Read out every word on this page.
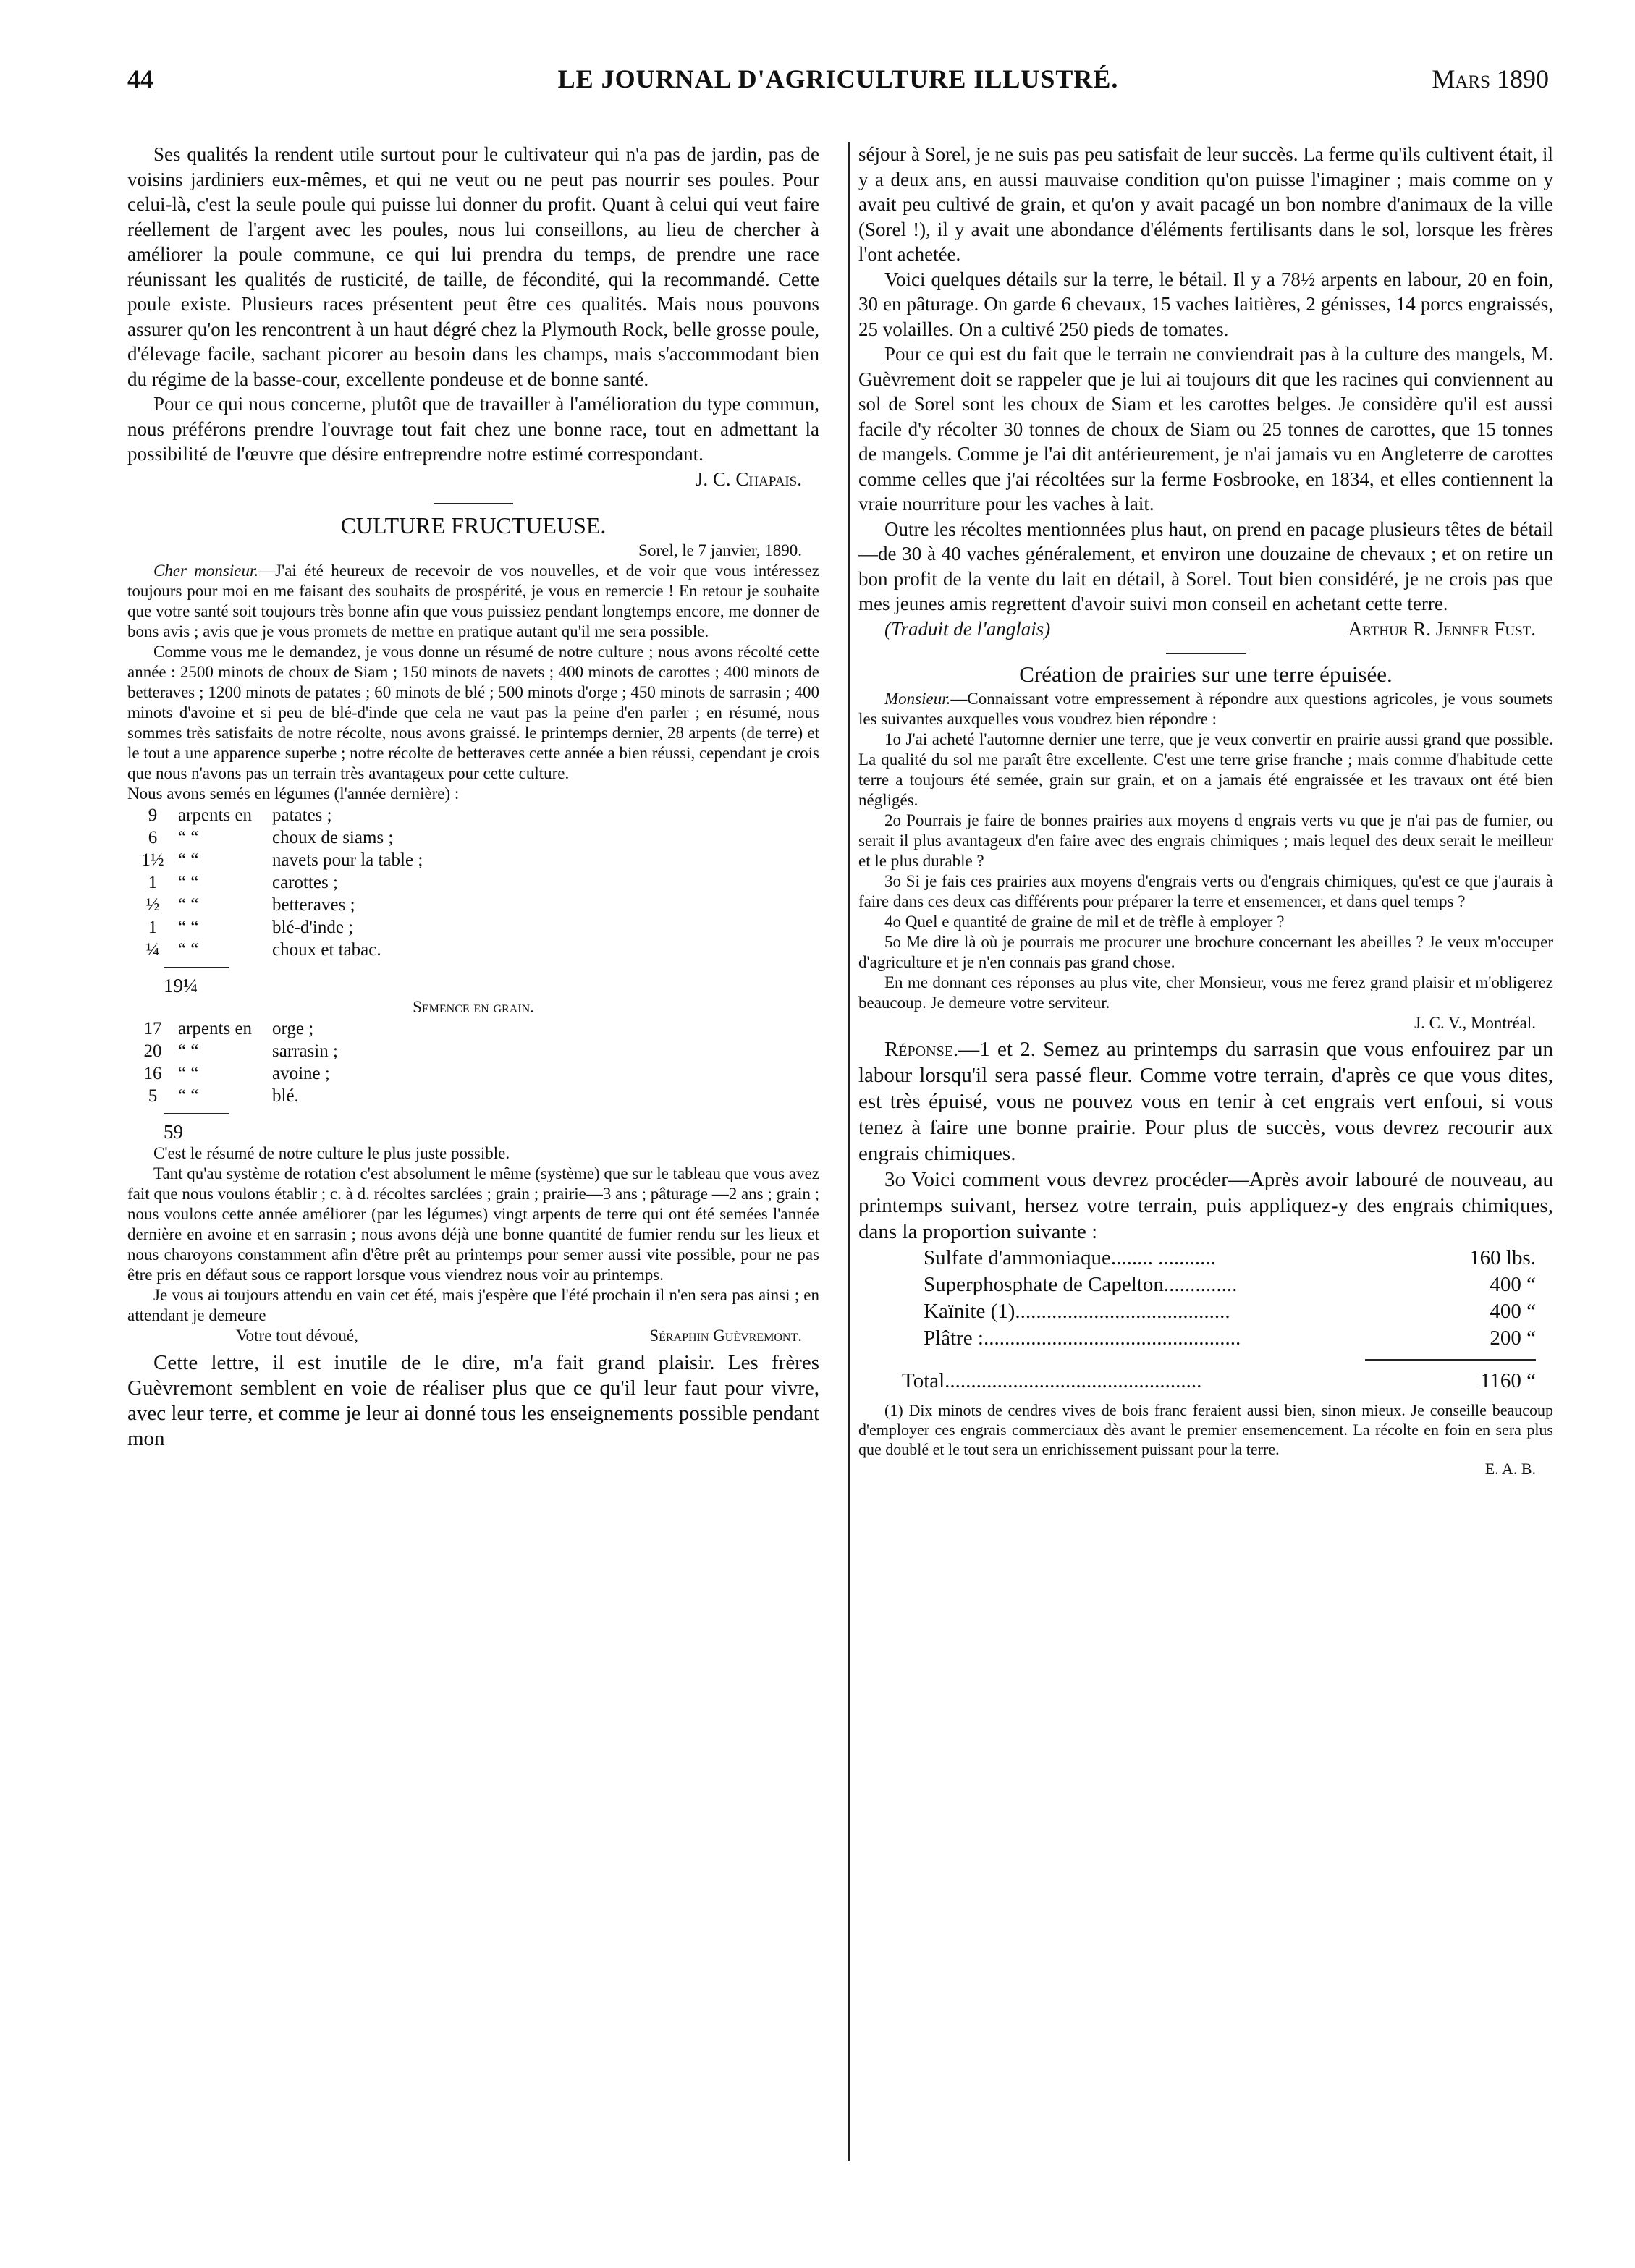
44	LE JOURNAL D'AGRICULTURE ILLUSTRÉ.	Mars 1890

Ses qualités la rendent utile surtout pour le cultivateur qui n'a pas de jardin, pas de voisins jardiniers eux-mêmes, et qui ne veut ou ne peut pas nourrir ses poules. Pour celui-là, c'est la seule poule qui puisse lui donner du profit. Quant à celui qui veut faire réellement de l'argent avec les poules, nous lui conseillons, au lieu de chercher à améliorer la poule commune, ce qui lui prendra du temps, de prendre une race réunissant les qualités de rusticité, de taille, de fécondité, qui la recommandé. Cette poule existe. Plusieurs races présentent peut être ces qualités. Mais nous pouvons assurer qu'on les rencontrent à un haut dégré chez la Plymouth Rock, belle grosse poule, d'élevage facile, sachant picorer au besoin dans les champs, mais s'accommodant bien du régime de la basse-cour, excellente pondeuse et de bonne santé.

Pour ce qui nous concerne, plutôt que de travailler à l'amélioration du type commun, nous préférons prendre l'ouvrage tout fait chez une bonne race, tout en admettant la possibilité de l'œuvre que désire entreprendre notre estimé correspondant.

J. C. Chapais.

CULTURE FRUCTUEUSE.

Sorel, le 7 janvier, 1890.

Cher monsieur.—J'ai été heureux de recevoir de vos nouvelles, et de voir que vous intéressez toujours pour moi en me faisant des souhaits de prospérité, je vous en remercie ! En retour je souhaite que votre santé soit toujours très bonne afin que vous puissiez pendant longtemps encore, me donner de bons avis ; avis que je vous promets de mettre en pratique autant qu'il me sera possible.

Comme vous me le demandez, je vous donne un résumé de notre culture ; nous avons récolté cette année : 2500 minots de choux de Siam ; 150 minots de navets ; 400 minots de carottes ; 400 minots de betteraves ; 1200 minots de patates ; 60 minots de blé ; 500 minots d'orge ; 450 minots de sarrasin ; 400 minots d'avoine et si peu de blé-d'inde que cela ne vaut pas la peine d'en parler ; en résumé, nous sommes très satisfaits de notre récolte, nous avons graissé. le printemps dernier, 28 arpents (de terre) et le tout a une apparence superbe ; notre récolte de betteraves cette année a bien réussi, cependant je crois que nous n'avons pas un terrain très avantageux pour cette culture.

Nous avons semés en légumes (l'année dernière) :

9	arpents en	patates ;
6	“ “	choux de siams ;
1½ “ “	navets pour la table ;
1	“ “	carottes ;
½	“ “	betteraves ;
1	“ “	blé-d'inde ;
¼	“ “	choux et tabac.
19¼
Semence en grain.
17 arpents en	orge ;
20 “ “	sarrasin ;
16 “ “	avoine ;
5	“ “	blé.
59

C'est le résumé de notre culture le plus juste possible.

Tant qu'au système de rotation c'est absolument le même (système) que sur le tableau que vous avez fait que nous voulons établir ; c. à d. récoltes sarclées ; grain ; prairie—3 ans ; pâturage —2 ans ; grain ; nous voulons cette année améliorer (par les légumes) vingt arpents de terre qui ont été semées l'année dernière en avoine et en sarrasin ; nous avons déjà une bonne quantité de fumier rendu sur les lieux et nous charoyons constamment afin d'être prêt au printemps pour semer aussi vite possible, pour ne pas être pris en défaut sous ce rapport lorsque vous viendrez nous voir au printemps.

Je vous ai toujours attendu en vain cet été, mais j'espère que l'été prochain il n'en sera pas ainsi ; en attendant je demeure

Votre tout dévoué,	Séraphin Guèvremont.

Cette lettre, il est inutile de le dire, m'a fait grand plaisir. Les frères Guèvremont semblent en voie de réaliser plus que ce qu'il leur faut pour vivre, avec leur terre, et comme je leur ai donné tous les enseignements possible pendant mon

séjour à Sorel, je ne suis pas peu satisfait de leur succès. La ferme qu'ils cultivent était, il y a deux ans, en aussi mauvaise condition qu'on puisse l'imaginer ; mais comme on y avait peu cultivé de grain, et qu'on y avait pacagé un bon nombre d'animaux de la ville (Sorel !), il y avait une abondance d'éléments fertilisants dans le sol, lorsque les frères l'ont achetée.

Voici quelques détails sur la terre, le bétail. Il y a 78½ arpents en labour, 20 en foin, 30 en pâturage. On garde 6 chevaux, 15 vaches laitières, 2 génisses, 14 porcs engraissés, 25 volailles. On a cultivé 250 pieds de tomates.

Pour ce qui est du fait que le terrain ne conviendrait pas à la culture des mangels, M. Guèvrement doit se rappeler que je lui ai toujours dit que les racines qui conviennent au sol de Sorel sont les choux de Siam et les carottes belges. Je considère qu'il est aussi facile d'y récolter 30 tonnes de choux de Siam ou 25 tonnes de carottes, que 15 tonnes de mangels. Comme je l'ai dit antérieurement, je n'ai jamais vu en Angleterre de carottes comme celles que j'ai récoltées sur la ferme Fosbrooke, en 1834, et elles contiennent la vraie nourriture pour les vaches à lait.

Outre les récoltes mentionnées plus haut, on prend en pacage plusieurs têtes de bétail—de 30 à 40 vaches généralement, et environ une douzaine de chevaux ; et on retire un bon profit de la vente du lait en détail, à Sorel. Tout bien considéré, je ne crois pas que mes jeunes amis regrettent d'avoir suivi mon conseil en achetant cette terre.

(Traduit de l'anglais)	Arthur R. Jenner Fust.
Création de prairies sur une terre épuisée.

Monsieur.—Connaissant votre empressement à répondre aux questions agricoles, je vous soumets les suivantes auxquelles vous voudrez bien répondre :

1o J'ai acheté l'automne dernier une terre, que je veux convertir en prairie aussi grand que possible. La qualité du sol me paraît être excellente. C'est une terre grise franche ; mais comme d'habitude cette terre a toujours été semée, grain sur grain, et on a jamais été engraissée et les travaux ont été bien négligés.

2o Pourrais je faire de bonnes prairies aux moyens d engrais verts vu que je n'ai pas de fumier, ou serait il plus avantageux d'en faire avec des engrais chimiques ; mais lequel des deux serait le meilleur et le plus durable ?

3o Si je fais ces prairies aux moyens d'engrais verts ou d'engrais chimiques, qu'est ce que j'aurais à faire dans ces deux cas différents pour préparer la terre et ensemencer, et dans quel temps ?

4o Quel e quantité de graine de mil et de trèfle à employer ?

5o Me dire là où je pourrais me procurer une brochure concernant les abeilles ? Je veux m'occuper d'agriculture et je n'en connais pas grand chose.

En me donnant ces réponses au plus vite, cher Monsieur, vous me ferez grand plaisir et m'obligerez beaucoup. Je demeure votre serviteur.

J. C. V., Montréal.

Réponse.—1 et 2. Semez au printemps du sarrasin que vous enfouirez par un labour lorsqu'il sera passé fleur. Comme votre terrain, d'après ce que vous dites, est très épuisé, vous ne pouvez vous en tenir à cet engrais vert enfoui, si vous tenez à faire une bonne prairie. Pour plus de succès, vous devrez recourir aux engrais chimiques.

3o Voici comment vous devrez procéder—Après avoir labouré de nouveau, au printemps suivant, hersez votre terrain, puis appliquez-y des engrais chimiques, dans la proportion suivante :

Sulfate d'ammoniaque........ ...........	160 lbs.
Superphosphate de Capelton..............	400 “
Kaïnite (1).........................................	400 “
Plâtre :.................................................	200 “
Total.................................................	1160 “

(1) Dix minots de cendres vives de bois franc feraient aussi bien, sinon mieux. Je conseille beaucoup d'employer ces engrais commerciaux dès avant le premier ensemencement. La récolte en foin en sera plus que doublé et le tout sera un enrichissement puissant pour la terre.

E. A. B.
